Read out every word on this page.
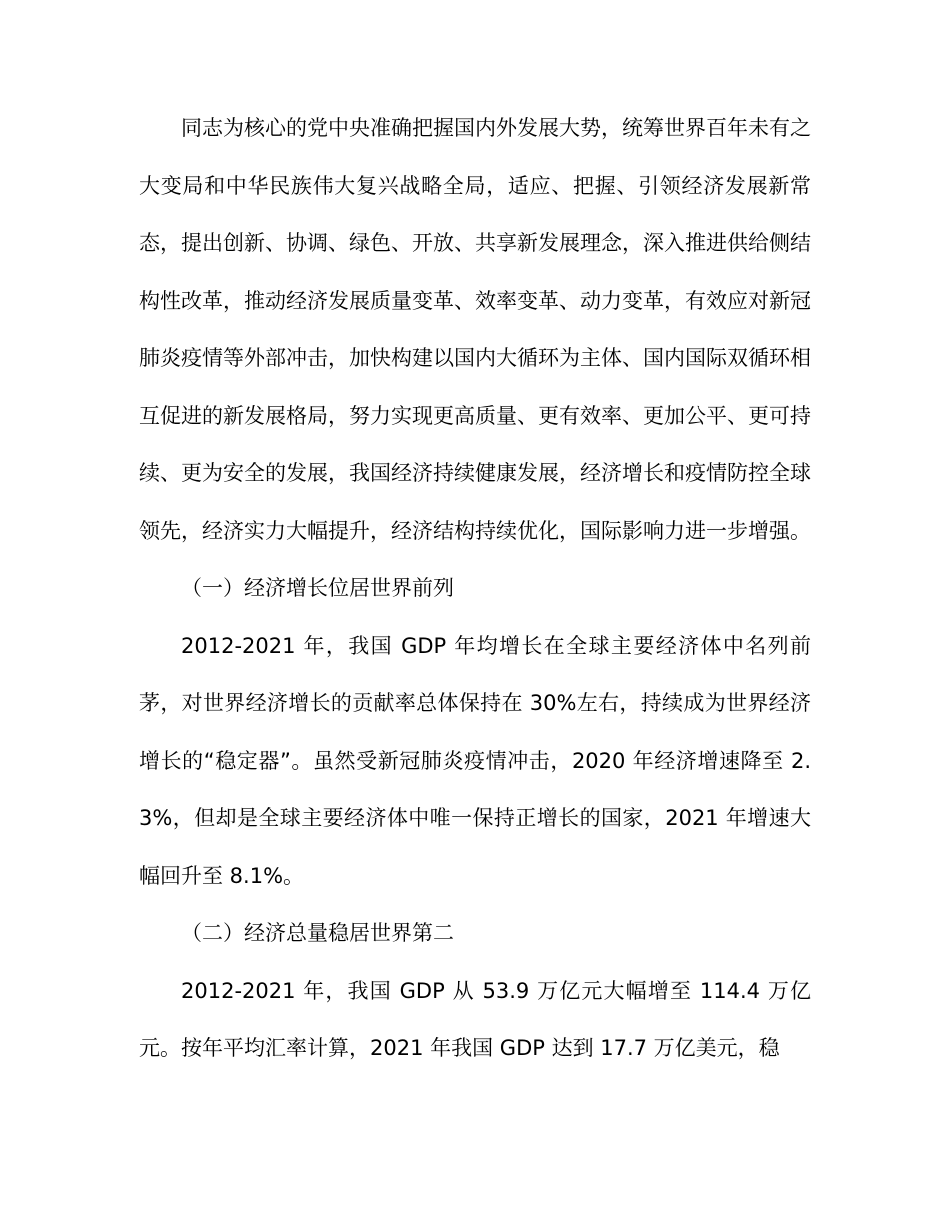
同志为核心的党中央准确把握国内外发展大势，统筹世界百年未有之大变局和中华民族伟大复兴战略全局，适应、把握、引领经济发展新常态，提出创新、协调、绿色、开放、共享新发展理念，深入推进供给侧结构性改革，推动经济发展质量变革、效率变革、动力变革，有效应对新冠肺炎疫情等外部冲击，加快构建以国内大循环为主体、国内国际双循环相互促进的新发展格局，努力实现更高质量、更有效率、更加公平、更可持续、更为安全的发展，我国经济持续健康发展，经济增长和疫情防控全球领先，经济实力大幅提升，经济结构持续优化，国际影响力进一步增强。

（一）经济增长位居世界前列

2012-2021 年，我国 GDP 年均增长在全球主要经济体中名列前茅，对世界经济增长的贡献率总体保持在 30%左右，持续成为世界经济增长的“稳定器”。虽然受新冠肺炎疫情冲击，2020 年经济增速降至 2.3%，但却是全球主要经济体中唯一保持正增长的国家，2021 年增速大幅回升至 8.1%。

（二）经济总量稳居世界第二

2012-2021 年，我国 GDP 从 53.9 万亿元大幅增至 114.4 万亿元。按年平均汇率计算，2021 年我国 GDP 达到 17.7 万亿美元，稳
